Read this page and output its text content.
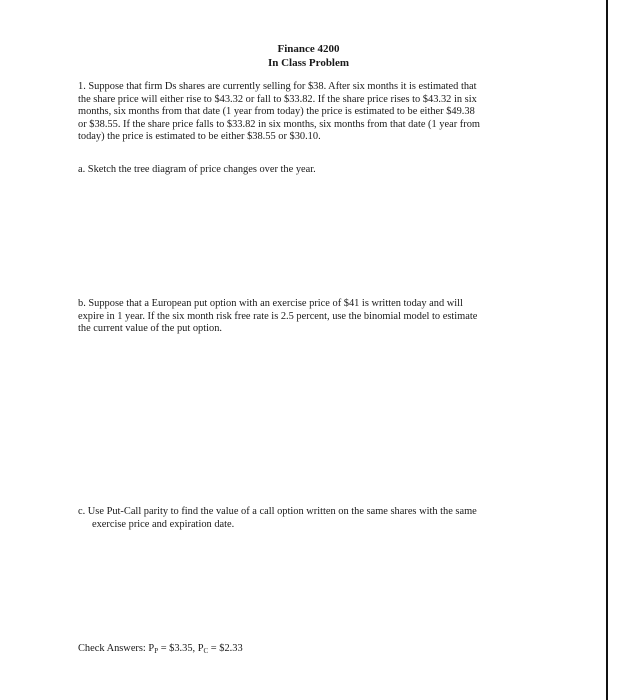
Finance 4200
In Class Problem
1. Suppose that firm Ds shares are currently selling for $38. After six months it is estimated that
the share price will either rise to $43.32 or fall to $33.82. If the share price rises to $43.32 in six
months, six months from that date (1 year from today) the price is estimated to be either $49.38
or $38.55. If the share price falls to $33.82 in six months, six months from that date (1 year from
today) the price is estimated to be either $38.55 or $30.10.
a. Sketch the tree diagram of price changes over the year.
b. Suppose that a European put option with an exercise price of $41 is written today and will
expire in 1 year. If the six month risk free rate is 2.5 percent, use the binomial model to estimate
the current value of the put option.
c. Use Put-Call parity to find the value of a call option written on the same shares with the same
exercise price and expiration date.
Check Answers: $P_P$ = $3.35, $P_C$ = $2.33
